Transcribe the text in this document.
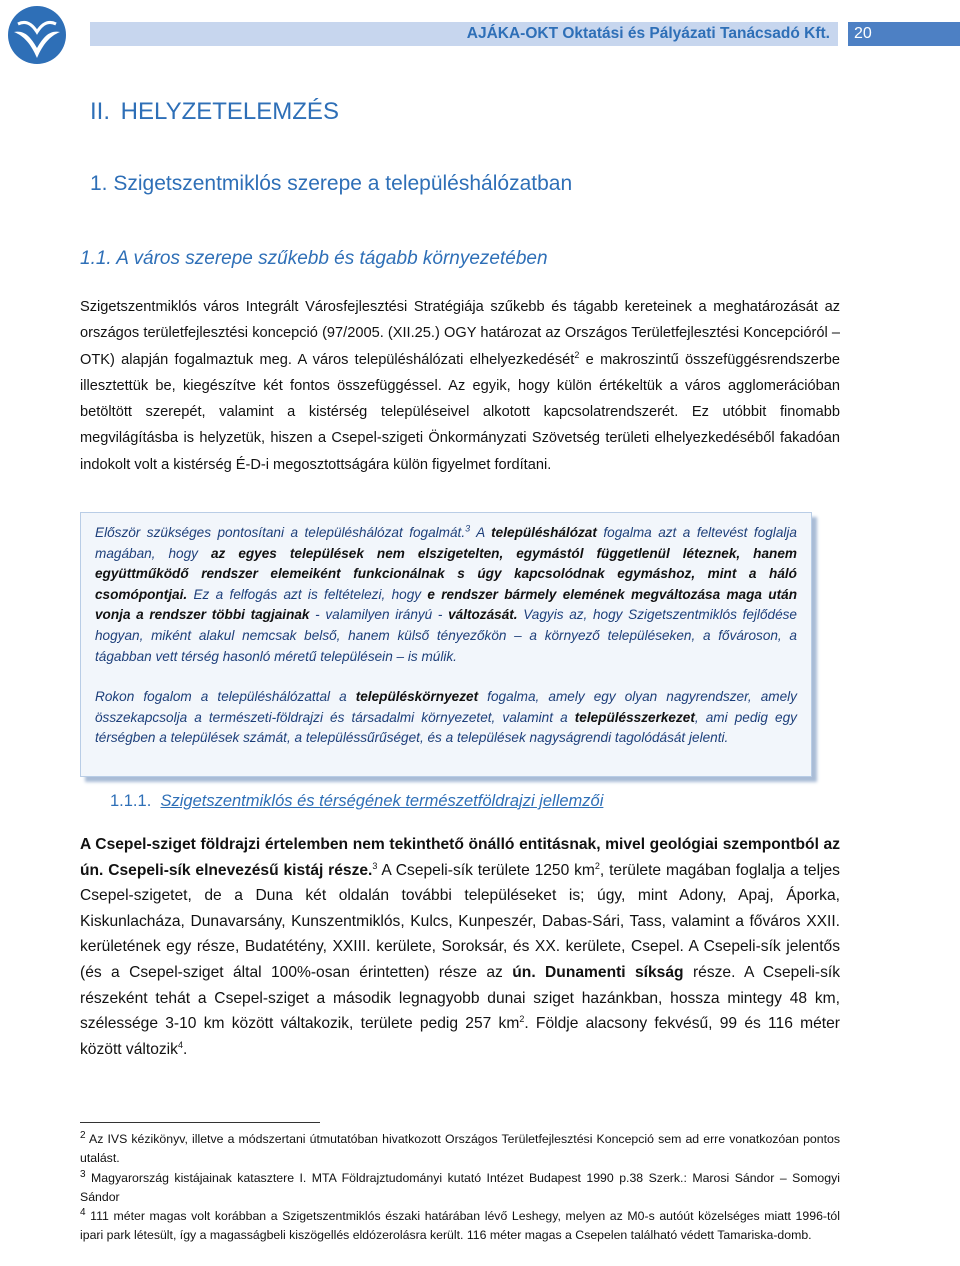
AJÁKA-OKT Oktatási és Pályázati Tanácsadó Kft.	20
II. HELYZETELEMZÉS
1. Szigetszentmiklós szerepe a településhálózatban
1.1. A város szerepe szűkebb és tágabb környezetében

Szigetszentmiklós város Integrált Városfejlesztési Stratégiája szűkebb és tágabb kereteinek a meghatározását az országos területfejlesztési koncepció (97/2005. (XII.25.) OGY határozat az Országos Területfejlesztési Koncepcióról – OTK) alapján fogalmaztuk meg. A város településhálózati elhelyezkedését$^2$ e makroszintű összefüggésrendszerbe illesztettük be, kiegészítve két fontos összefüggéssel. Az egyik, hogy külön értékeltük a város agglomerációban betöltött szerepét, valamint a kistérség településeivel alkotott kapcsolatrendszerét. Ez utóbbit finomabb megvilágításba is helyzetük, hiszen a Csepel-szigeti Önkormányzati Szövetség területi elhelyezkedéséből fakadóan indokolt volt a kistérség É-D-i megosztottságára külön figyelmet fordítani.

Először szükséges pontosítani a településhálózat fogalmát.$^3$ A településhálózat fogalma azt a feltevést foglalja magában, hogy az egyes települések nem elszigetelten, egymástól függetlenül léteznek, hanem együttműködő rendszer elemeiként funkcionálnak s úgy kapcsolódnak egymáshoz, mint a háló csomópontjai. Ez a felfogás azt is feltételezi, hogy e rendszer bármely elemének megváltozása maga után vonja a rendszer többi tagjainak - valamilyen irányú - változását. Vagyis az, hogy Szigetszentmiklós fejlődése hogyan, miként alakul nemcsak belső, hanem külső tényezőkön – a környező településeken, a fővároson, a tágabban vett térség hasonló méretű településein – is múlik.

Rokon fogalom a településhálózattal a településkörnyezet fogalma, amely egy olyan nagyrendszer, amely összekapcsolja a természeti-földrajzi és társadalmi környezetet, valamint a településszerkezet, ami pedig egy térségben a települések számát, a településsűrűséget, és a települések nagyságrendi tagolódását jelenti.

1.1.1. Szigetszentmiklós és térségének természetföldrajzi jellemzői

A Csepel-sziget földrajzi értelemben nem tekinthető önálló entitásnak, mivel geológiai szempontból az ún. Csepeli-sík elnevezésű kistáj része.$^3$ A Csepeli-sík területe 1250 $km^2$, területe magában foglalja a teljes Csepel-szigetet, de a Duna két oldalán további településeket is; úgy, mint Adony, Apaj, Áporka, Kiskunlacháza, Dunavarsány, Kunszentmiklós, Kulcs, Kunpeszér, Dabas-Sári, Tass, valamint a főváros XXII. kerületének egy része, Budatétény, XXIII. kerülete, Soroksár, és XX. kerülete, Csepel. A Csepeli-sík jelentős (és a Csepel-sziget által 100%-osan érintetten) része az ún. Dunamenti síkság része. A Csepeli-sík részeként tehát a Csepel-sziget a második legnagyobb dunai sziget hazánkban, hossza mintegy 48 km, szélessége 3-10 km között váltakozik, területe pedig 257 $km^2$. Földje alacsony fekvésű, 99 és 116 méter között változik$^4$.

$^2$ Az IVS kézikönyv, illetve a módszertani útmutatóban hivatkozott Országos Területfejlesztési Koncepció sem ad erre vonatkozóan pontos utalást.

$^3$ Magyarország kistájainak katasztere I. MTA Földrajztudományi kutató Intézet Budapest 1990 p.38 Szerk.: Marosi Sándor – Somogyi Sándor

$^4$ 111 méter magas volt korábban a Szigetszentmiklós északi határában lévő Leshegy, melyen az M0-s autóút közelséges miatt 1996-tól ipari park létesült, így a magasságbeli kiszögellés eldózerolásra került. 116 méter magas a Csepelen található védett Tamariska-domb.
